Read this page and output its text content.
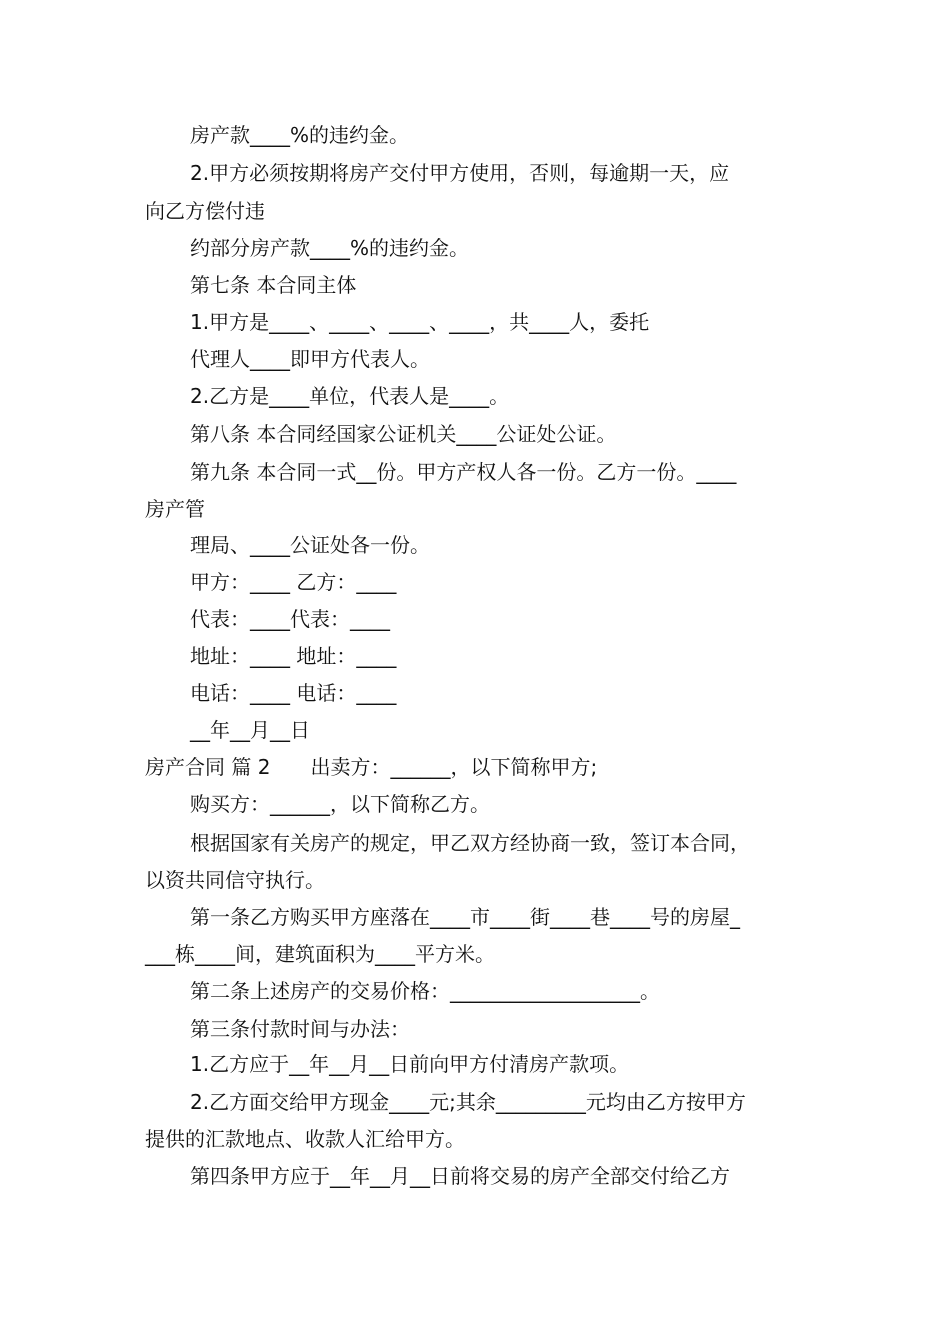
房产款____%的违约金。
2.甲方必须按期将房产交付甲方使用，否则，每逾期一天，应
向乙方偿付违
约部分房产款____%的违约金。
第七条 本合同主体
1.甲方是____、____、____、____，共____人，委托
代理人____即甲方代表人。
2.乙方是____单位，代表人是____。
第八条 本合同经国家公证机关____公证处公证。
第九条 本合同一式__份。甲方产权人各一份。乙方一份。____
房产管
理局、____公证处各一份。
甲方：____ 乙方：____
代表：____代表：____
地址：____ 地址：____
电话：____ 电话：____
__年__月__日
房产合同 篇 2　　出卖方：______，以下简称甲方;
购买方：______，以下简称乙方。
根据国家有关房产的规定，甲乙双方经协商一致，签订本合同，
以资共同信守执行。
第一条乙方购买甲方座落在____市____街____巷____号的房屋_
___栋____间，建筑面积为____平方米。
第二条上述房产的交易价格：___________________。
第三条付款时间与办法：
1.乙方应于__年__月__日前向甲方付清房产款项。
2.乙方面交给甲方现金____元;其余_________元均由乙方按甲方
提供的汇款地点、收款人汇给甲方。
第四条甲方应于__年__月__日前将交易的房产全部交付给乙方
